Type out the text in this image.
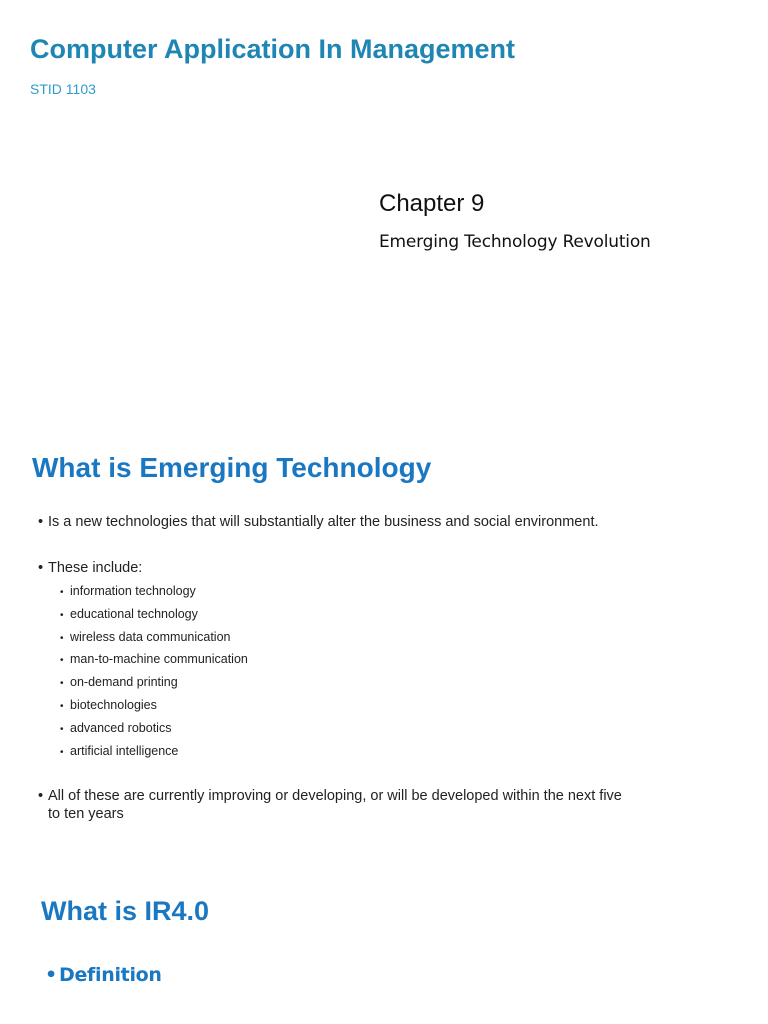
Computer Application In Management
STID 1103
Chapter 9
Emerging Technology Revolution
What is Emerging Technology
• Is a new technologies that will substantially alter the business and social environment.
• These include:
• information technology
• educational technology
• wireless data communication
• man-to-machine communication
• on-demand printing
• biotechnologies
• advanced robotics
• artificial intelligence
• All of these are currently improving or developing, or will be developed within the next five
to ten years
What is IR4.0
• Definition
